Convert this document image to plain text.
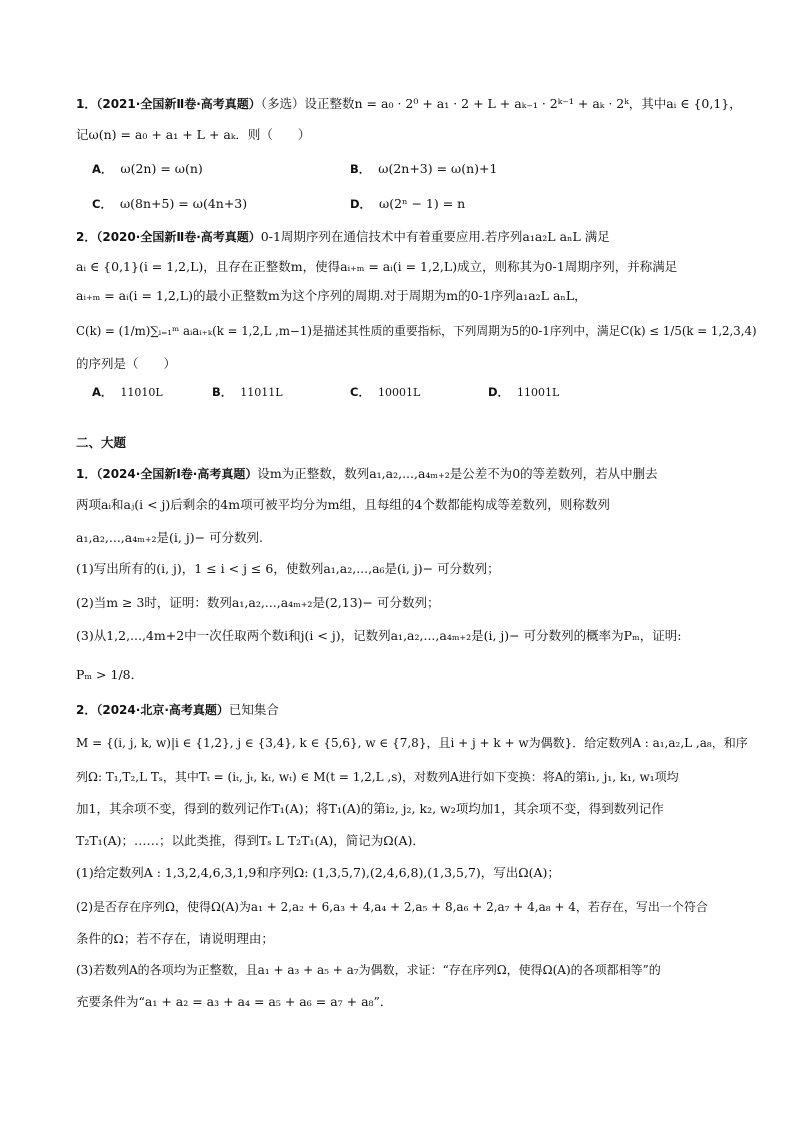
1．（2021·全国新Ⅱ卷·高考真题）（多选）设正整数n = a₀ · 2⁰ + a₁ · 2 + L + aₖ₋₁ · 2ᵏ⁻¹ + aₖ · 2ᵏ，其中aᵢ ∈ {0,1}，
记ω(n) = a₀ + a₁ + L + aₖ．则（　　）
A． ω(2n) = ω(n)	B． ω(2n+3) = ω(n)+1
C． ω(8n+5) = ω(4n+3)	D． ω(2ⁿ − 1) = n
2．（2020·全国新Ⅱ卷·高考真题）0-1周期序列在通信技术中有着重要应用.若序列a₁a₂L aₙL 满足
aᵢ ∈ {0,1}(i = 1,2,L)，且存在正整数m，使得aᵢ₊ₘ = aᵢ(i = 1,2,L)成立，则称其为0-1周期序列，并称满足
aᵢ₊ₘ = aᵢ(i = 1,2,L)的最小正整数m为这个序列的周期.对于周期为m的0-1序列a₁a₂L aₙL，
C(k) = (1/m)∑ᵢ₌₁ᵐ aᵢaᵢ₊ₖ(k = 1,2,L ,m−1)是描述其性质的重要指标，下列周期为5的0-1序列中，满足C(k) ≤ 1/5(k = 1,2,3,4)
的序列是（　　）
A． 11010L	B． 11011L	C． 10001L	D． 11001L
二、大题
1．（2024·全国新Ⅰ卷·高考真题）设m为正整数，数列a₁,a₂,...,a₄ₘ₊₂是公差不为0的等差数列，若从中删去
两项aᵢ和aⱼ(i < j)后剩余的4m项可被平均分为m组，且每组的4个数都能构成等差数列，则称数列
a₁,a₂,...,a₄ₘ₊₂是(i, j)− 可分数列.
(1)写出所有的(i, j)，1 ≤ i < j ≤ 6，使数列a₁,a₂,...,a₆是(i, j)− 可分数列；
(2)当m ≥ 3时，证明：数列a₁,a₂,...,a₄ₘ₊₂是(2,13)− 可分数列；
(3)从1,2,...,4m+2中一次任取两个数i和j(i < j)，记数列a₁,a₂,...,a₄ₘ₊₂是(i, j)− 可分数列的概率为Pₘ，证明:
Pₘ > 1/8．
2．（2024·北京·高考真题）已知集合
M = {(i, j, k, w)|i ∈ {1,2}, j ∈ {3,4}, k ∈ {5,6}, w ∈ {7,8}，且i + j + k + w为偶数}．给定数列A : a₁,a₂,L ,a₈，和序
列Ω: T₁,T₂,L Tₛ，其中Tₜ = (iₜ, jₜ, kₜ, wₜ) ∈ M(t = 1,2,L ,s)，对数列A进行如下变换：将A的第i₁, j₁, k₁, w₁项均
加1，其余项不变，得到的数列记作T₁(A)；将T₁(A)的第i₂, j₂, k₂, w₂项均加1，其余项不变，得到数列记作
T₂T₁(A)；……；以此类推，得到Tₛ L T₂T₁(A)，简记为Ω(A)．
(1)给定数列A : 1,3,2,4,6,3,1,9和序列Ω: (1,3,5,7),(2,4,6,8),(1,3,5,7)，写出Ω(A)；
(2)是否存在序列Ω，使得Ω(A)为a₁ + 2,a₂ + 6,a₃ + 4,a₄ + 2,a₅ + 8,a₆ + 2,a₇ + 4,a₈ + 4，若存在，写出一个符合
条件的Ω；若不存在，请说明理由；
(3)若数列A的各项均为正整数，且a₁ + a₃ + a₅ + a₇为偶数，求证：“存在序列Ω，使得Ω(A)的各项都相等”的
充要条件为“a₁ + a₂ = a₃ + a₄ = a₅ + a₆ = a₇ + a₈”．
